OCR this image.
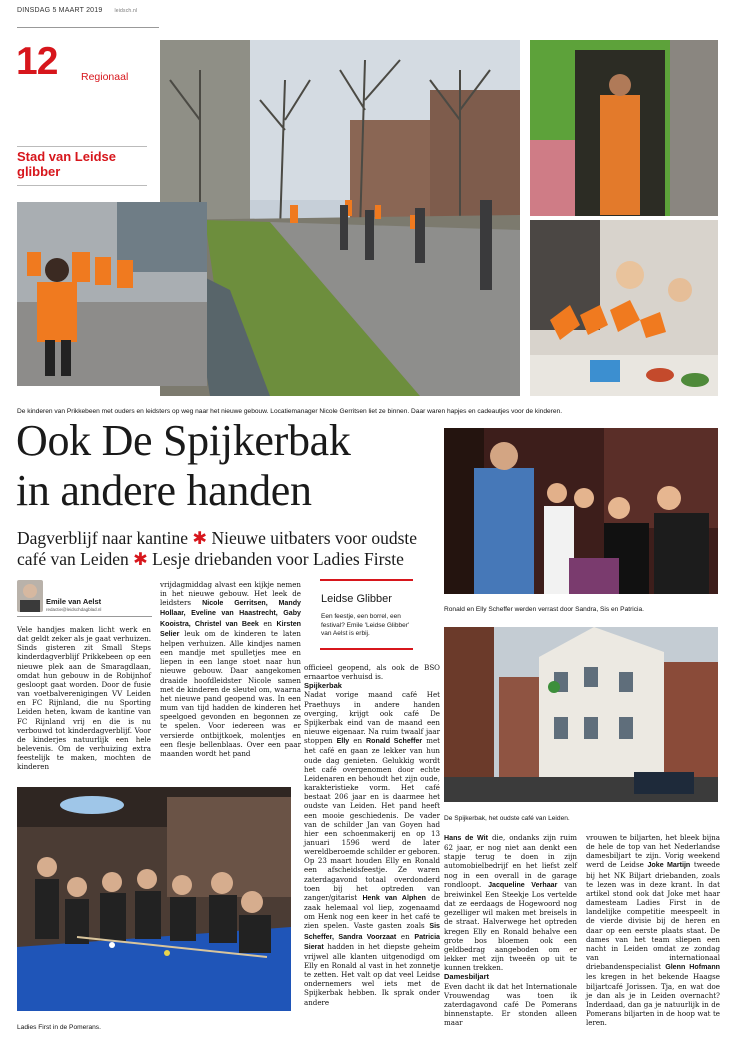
DINSDAG 5 MAART 2019 leidsch.nl
12 Regionaal
Stad van Leidse glibber
De kinderen van Prikkebeen met ouders en leidsters op weg naar het nieuwe gebouw. Locatiemanager Nicole Gerritsen liet ze binnen. Daar waren hapjes en cadeautjes voor de kinderen.
Ook De Spijkerbak
in andere handen
Dagverblijf naar kantine ✱ Nieuwe uitbaters voor oudste
café van Leiden ✱ Lesje driebanden voor Ladies Firste
Emile van Aelst
redactie@leidschdagblad.nl
Vele handjes maken licht werk en dat geldt zeker als je gaat verhuizen. Sinds gisteren zit Small Steps kinderdagverblijf Prikkebeen op een nieuwe plek aan de Smaragdlaan, omdat hun gebouw in de Robijnhof gesloopt gaat worden. Door de fusie van voetbalverenigingen VV Leiden en FC Rijnland, die nu Sporting Leiden heten, kwam de kantine van FC Rijnland vrij en die is nu verbouwd tot kinderdagverblijf. Voor de kinderjes natuurlijk een hele belevenis. Om de verhuizing extra feestelijk te maken, mochten de kinderen
vrijdagmiddag alvast een kijkje nemen in het nieuwe gebouw. Het leek de leidsters Nicole Gerritsen, Mandy Hollaar, Eveline van Haastrecht, Gaby Kooistra, Christel van Beek en Kirsten Selier leuk om de kinderen te laten helpen verhuizen. Alle kindjes namen een mandje met spulletjes mee en liepen in een lange stoet naar hun nieuwe gebouw. Daar aangekomen draaide hoofdleidster Nicole samen met de kinderen de sleutel om, waarna het nieuwe pand geopend was. In een mum van tijd hadden de kinderen het speelgoed gevonden en begonnen ze te spelen. Voor iedereen was er versierde ontbijtkoek, molentjes en een flesje bellenblaas. Over een paar maanden wordt het pand
Leidse Glibber
Een feestje, een borrel, een festival? Emile 'Leidse Glibber' van Aelst is erbij.
officieel geopend, als ook de BSO ernaartoe verhuisd is.
Spijkerbak
Nadat vorige maand café Het Praethuys in andere handen overging, krijgt ook café De Spijkerbak eind van de maand een nieuwe eigenaar. Na ruim twaalf jaar stoppen Elly en Ronald Scheffer met het café en gaan ze lekker van hun oude dag genieten. Gelukkig wordt het café overgenomen door echte Leidenaren en behoudt het zijn oude, karakteristieke vorm. Het café bestaat 206 jaar en is daarmee het oudste van Leiden. Het pand heeft een mooie geschiedenis. De vader van de schilder Jan van Goyen had hier een schoenmakerij en op 13 januari 1596 werd de later wereldberoemde schilder er geboren. Op 23 maart houden Elly en Ronald een afscheidsfeestje. Ze waren zaterdagavond totaal overdonderd toen bij het optreden van zanger/gitarist Henk van Alphen de zaak helemaal vol liep, zogenaamd om Henk nog een keer in het café te zien spelen. Vaste gasten zoals Sis Scheffer, Sandra Voorzaat en Patricia Sierat hadden in het diepste geheim vrijwel alle klanten uitgenodigd om Elly en Ronald al vast in het zonnetje te zetten. Het valt op dat veel Leidse ondernemers wel iets met de Spijkerbak hebben. Ik sprak onder andere
Ronald en Elly Scheffer werden verrast door Sandra, Sis en Patricia.
De Spijkerbak, het oudste café van Leiden.
Ladies First in de Pomerans.
Hans de Wit die, ondanks zijn ruim 62 jaar, er nog niet aan denkt een stapje terug te doen in zijn automobielbedrijf en het liefst zelf nog in een overall in de garage rondloopt. Jacqueline Verhaar van breiwinkel Een Steekje Los vertelde dat ze eerdaags de Hogewoord nog gezelliger wil maken met breisels in de straat. Halverwege het optreden kregen Elly en Ronald behalve een grote bos bloemen ook een geldbedrag aangeboden om er lekker met zijn tweeën op uit te kunnen trekken.
Damesbiljart
Even dacht ik dat het Internationale Vrouwendag was toen ik zaterdagavond café De Pomerans binnenstapte. Er stonden alleen maar
vrouwen te biljarten, het bleek bijna de hele de top van het Nederlandse damesbiljart te zijn. Vorig weekend werd de Leidse Joke Martijn tweede bij het NK Biljart driebanden, zoals te lezen was in deze krant. In dat artikel stond ook dat Joke met haar damesteam Ladies First in de landelijke competitie meespeelt in de vierde divisie bij de heren en daar op een eerste plaats staat. De dames van het team sliepen een nacht in Leiden omdat ze zondag van internationaal driebandenspecialist Glenn Hofmann les kregen in het bekende Haagse biljartcafé Jorissen. Tja, en wat doe je dan als je in Leiden overnacht? Inderdaad, dan ga je natuurlijk in de Pomerans biljarten in de hoop wat te leren.
